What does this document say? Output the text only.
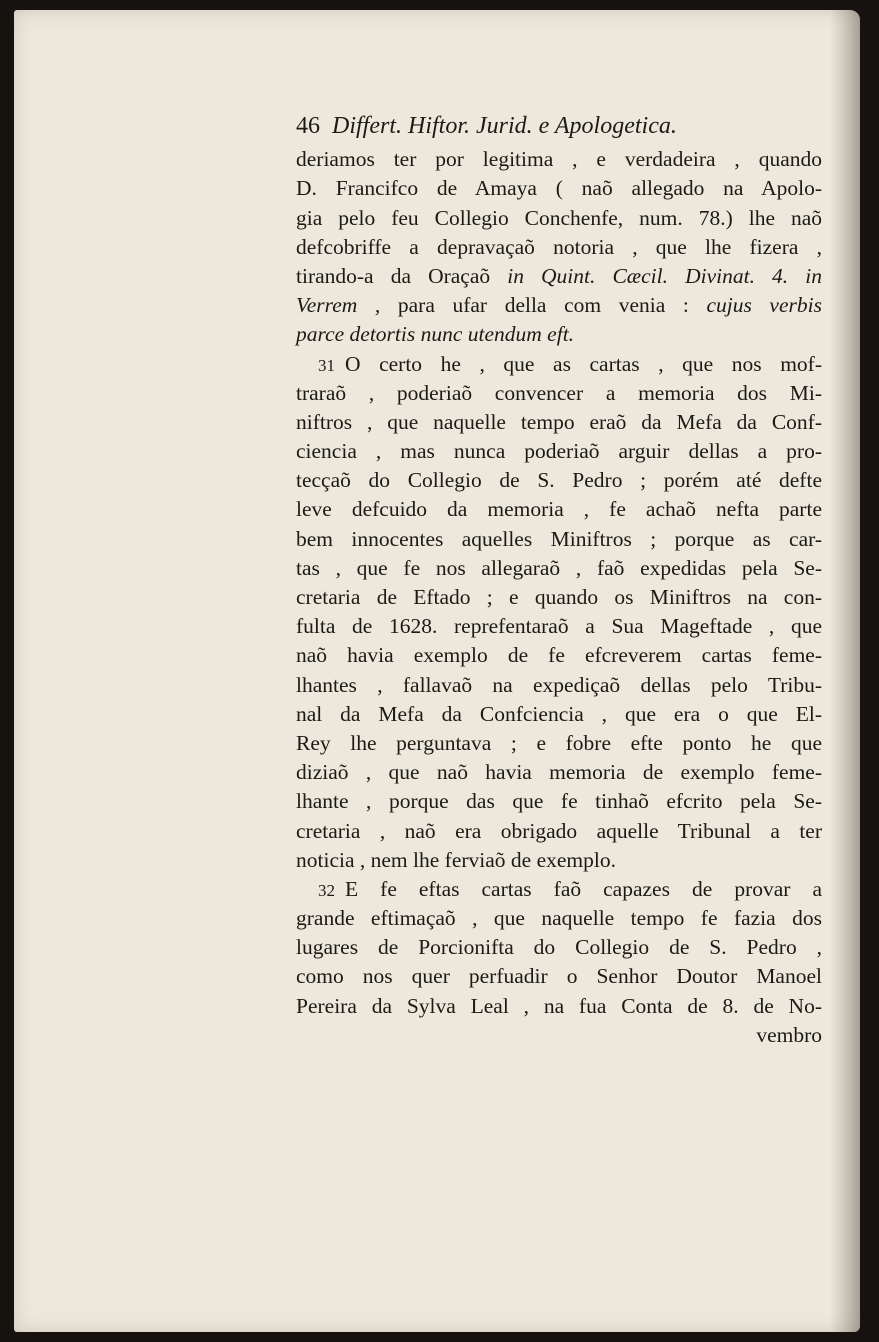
46 Differt. Hiftor. Jurid. e Apologetica.
deriamos ter por legitima , e verdadeira , quando
D. Francifco de Amaya ( naõ allegado na Apolo-
gia pelo feu Collegio Conchenfe, num. 78.) lhe naõ
defcobriffe a depravaçaõ notoria , que lhe fizera ,
tirando-a da Oraçaõ in Quint. Cæcil. Divinat. 4. in
Verrem , para ufar della com venia : cujus verbis
parce detortis nunc utendum eft.
31 O certo he , que as cartas , que nos mof-
traraõ , poderiaõ convencer a memoria dos Mi-
niftros , que naquelle tempo eraõ da Mefa da Conf-
ciencia , mas nunca poderiaõ arguir dellas a pro-
tecçaõ do Collegio de S. Pedro ; porém até defte
leve defcuido da memoria , fe achaõ nefta parte
bem innocentes aquelles Miniftros ; porque as car-
tas , que fe nos allegaraõ , faõ expedidas pela Se-
cretaria de Eftado ; e quando os Miniftros na con-
fulta de 1628. reprefentaraõ a Sua Mageftade , que
naõ havia exemplo de fe efcreverem cartas feme-
lhantes , fallavaõ na expediçaõ dellas pelo Tribu-
nal da Mefa da Confciencia , que era o que El-
Rey lhe perguntava ; e fobre efte ponto he que
diziaõ , que naõ havia memoria de exemplo feme-
lhante , porque das que fe tinhaõ efcrito pela Se-
cretaria , naõ era obrigado aquelle Tribunal a ter
noticia , nem lhe ferviaõ de exemplo.
32 E fe eftas cartas faõ capazes de provar a
grande eftimaçaõ , que naquelle tempo fe fazia dos
lugares de Porcionifta do Collegio de S. Pedro ,
como nos quer perfuadir o Senhor Doutor Manoel
Pereira da Sylva Leal , na fua Conta de 8. de No-
vembro
